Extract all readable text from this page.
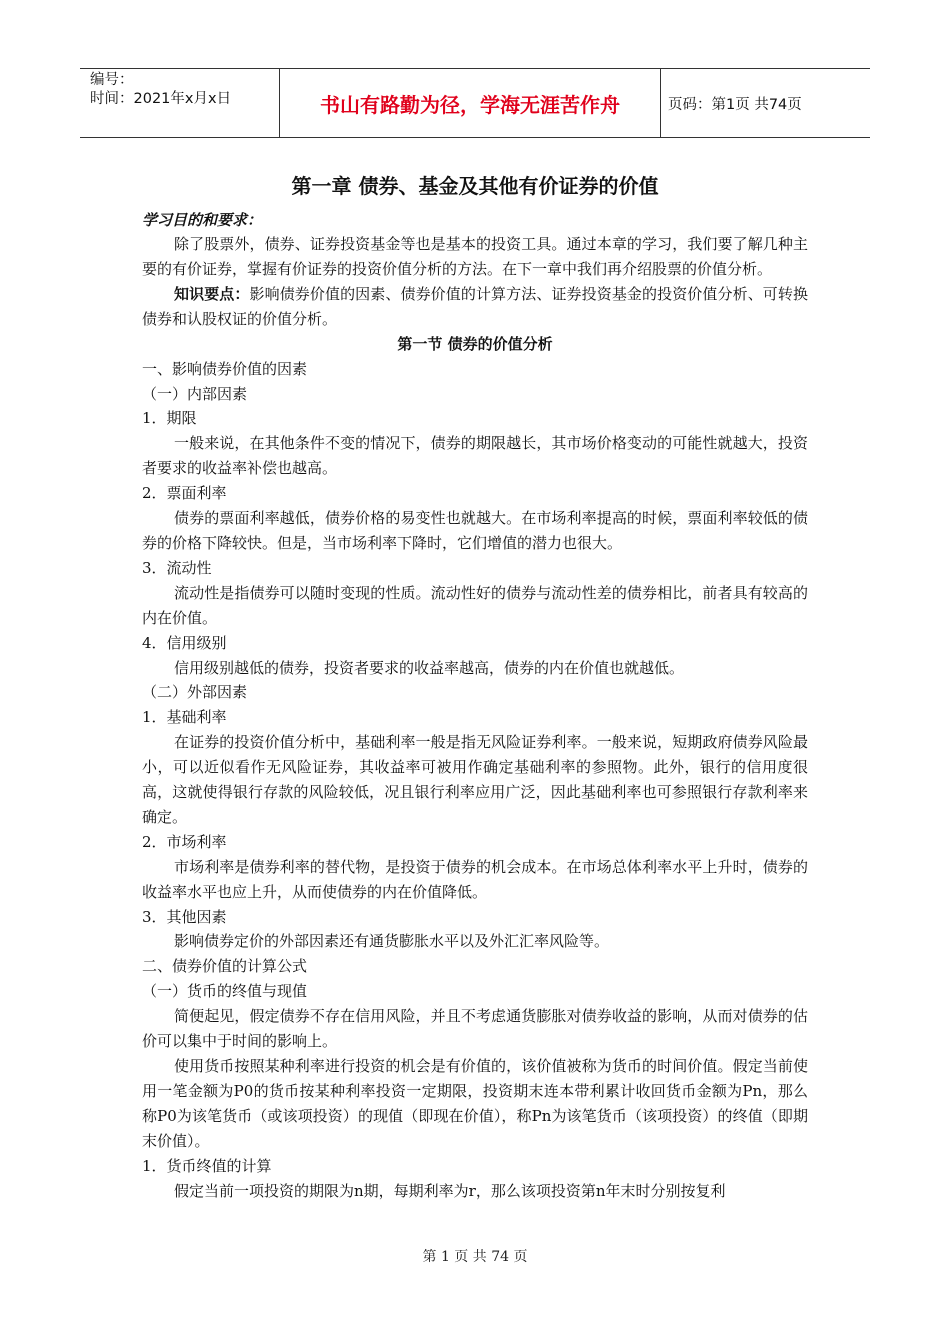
编号：
时间：2021年x月x日	书山有路勤为径，学海无涯苦作舟	页码：第1页 共74页
第一章 债券、基金及其他有价证券的价值
学习目的和要求：

除了股票外，债券、证券投资基金等也是基本的投资工具。通过本章的学习，我们要了解几种主要的有价证券，掌握有价证券的投资价值分析的方法。在下一章中我们再介绍股票的价值分析。

知识要点：影响债券价值的因素、债券价值的计算方法、证券投资基金的投资价值分析、可转换债券和认股权证的价值分析。

第一节 债券的价值分析

一、影响债券价值的因素

（一）内部因素

1．期限

一般来说，在其他条件不变的情况下，债券的期限越长，其市场价格变动的可能性就越大，投资者要求的收益率补偿也越高。

2．票面利率

债券的票面利率越低，债券价格的易变性也就越大。在市场利率提高的时候，票面利率较低的债券的价格下降较快。但是，当市场利率下降时，它们增值的潜力也很大。

3．流动性

流动性是指债券可以随时变现的性质。流动性好的债券与流动性差的债券相比，前者具有较高的内在价值。

4．信用级别

信用级别越低的债券，投资者要求的收益率越高，债券的内在价值也就越低。

（二）外部因素

1．基础利率

在证券的投资价值分析中，基础利率一般是指无风险证券利率。一般来说，短期政府债券风险最小，可以近似看作无风险证券，其收益率可被用作确定基础利率的参照物。此外，银行的信用度很高，这就使得银行存款的风险较低，况且银行利率应用广泛，因此基础利率也可参照银行存款利率来确定。

2．市场利率

市场利率是债券利率的替代物，是投资于债券的机会成本。在市场总体利率水平上升时，债券的收益率水平也应上升，从而使债券的内在价值降低。

3．其他因素

影响债券定价的外部因素还有通货膨胀水平以及外汇汇率风险等。

二、债券价值的计算公式

（一）货币的终值与现值

简便起见，假定债券不存在信用风险，并且不考虑通货膨胀对债券收益的影响，从而对债券的估价可以集中于时间的影响上。

使用货币按照某种利率进行投资的机会是有价值的，该价值被称为货币的时间价值。假定当前使用一笔金额为P0的货币按某种利率投资一定期限，投资期末连本带利累计收回货币金额为Pn，那么称P0为该笔货币（或该项投资）的现值（即现在价值），称Pn为该笔货币（该项投资）的终值（即期末价值）。

1．货币终值的计算

假定当前一项投资的期限为n期，每期利率为r，那么该项投资第n年末时分别按复利

第 1 页 共 74 页
